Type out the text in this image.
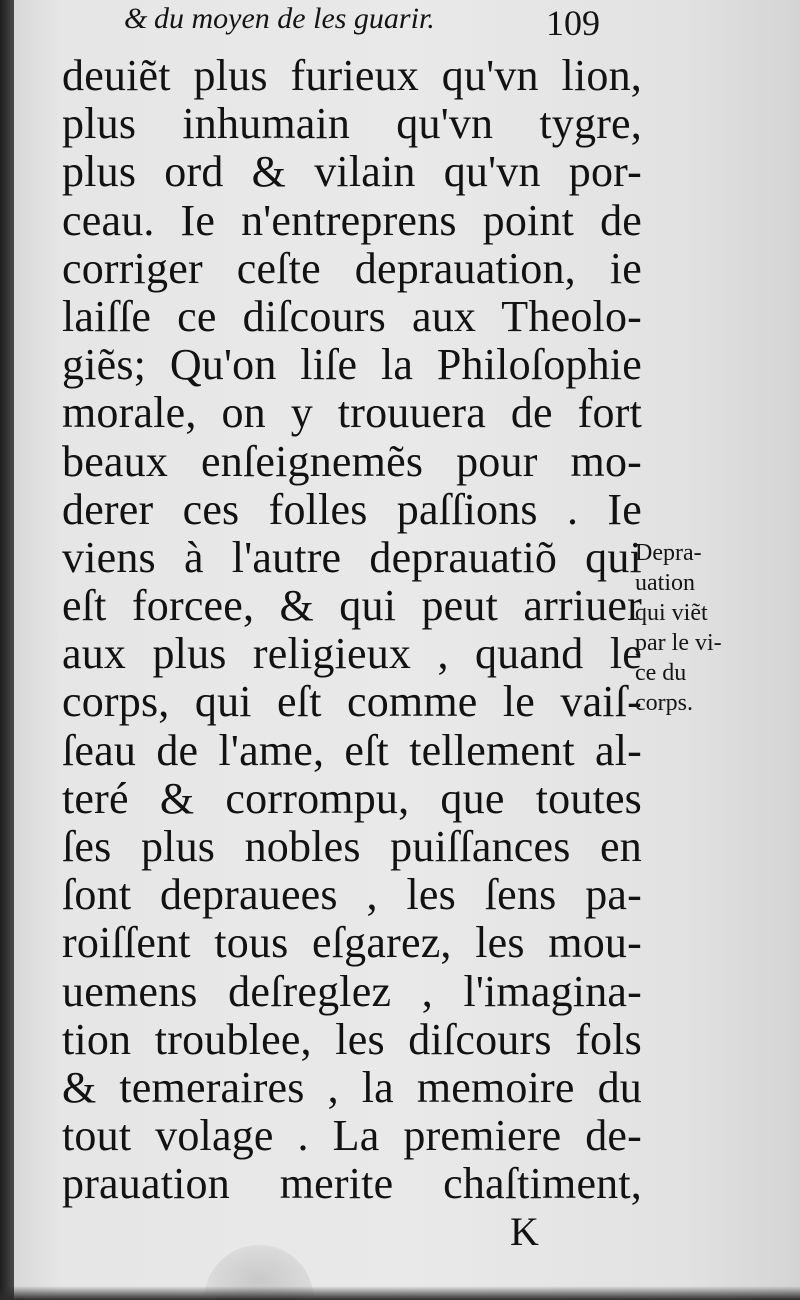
& du moyen de les guarir.	109
deuiẽt plus furieux qu'vn lion,
plus inhumain qu'vn tygre,
plus ord & vilain qu'vn por-
ceau. Ie n'entreprens point de
corriger ceſte deprauation, ie
laiſſe ce diſcours aux Theolo-
giẽs; Qu'on liſe la Philoſophie
morale, on y trouuera de fort
beaux enſeignemẽs pour mo-
derer ces folles paſſions . Ie
viens à l'autre deprauatiõ qui
eſt forcee, & qui peut arriuer
aux plus religieux , quand le
corps, qui eſt comme le vaiſ-
ſeau de l'ame, eſt tellement al-
teré & corrompu, que toutes
ſes plus nobles puiſſances en
ſont deprauees , les ſens pa-
roiſſent tous eſgarez, les mou-
uemens deſreglez , l'imagina-
tion troublee, les diſcours fols
& temeraires , la memoire du
tout volage . La premiere de-
prauation merite chaſtiment,
Depra-
uation
qui viẽt
par le vi-
ce du
corps.
K
